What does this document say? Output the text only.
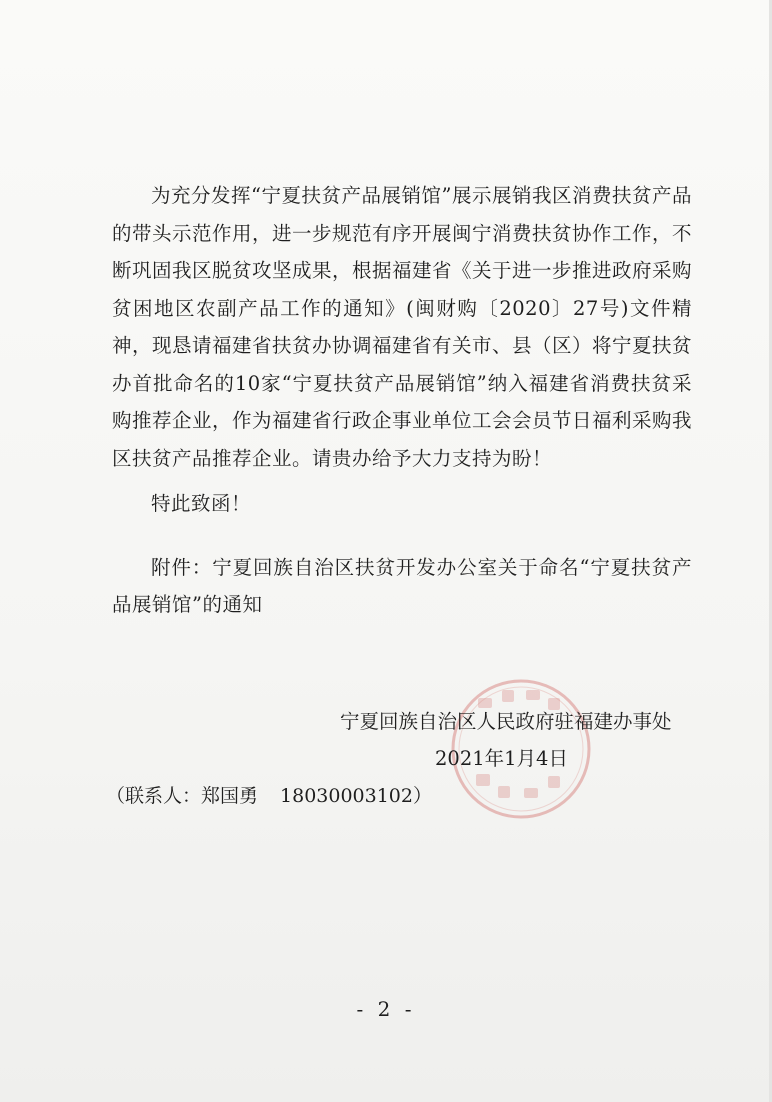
为充分发挥“宁夏扶贫产品展销馆”展示展销我区消费扶贫产品的带头示范作用，进一步规范有序开展闽宁消费扶贫协作工作，不断巩固我区脱贫攻坚成果，根据福建省《关于进一步推进政府采购贫困地区农副产品工作的通知》(闽财购〔2020〕27号)文件精神，现恳请福建省扶贫办协调福建省有关市、县（区）将宁夏扶贫办首批命名的10家“宁夏扶贫产品展销馆”纳入福建省消费扶贫采购推荐企业，作为福建省行政企事业单位工会会员节日福利采购我区扶贫产品推荐企业。请贵办给予大力支持为盼！

特此致函！

附件：宁夏回族自治区扶贫开发办公室关于命名“宁夏扶贫产品展销馆”的通知

宁夏回族自治区人民政府驻福建办事处
2021年1月4日
（联系人：郑国勇 18030003102）
- 2 -
